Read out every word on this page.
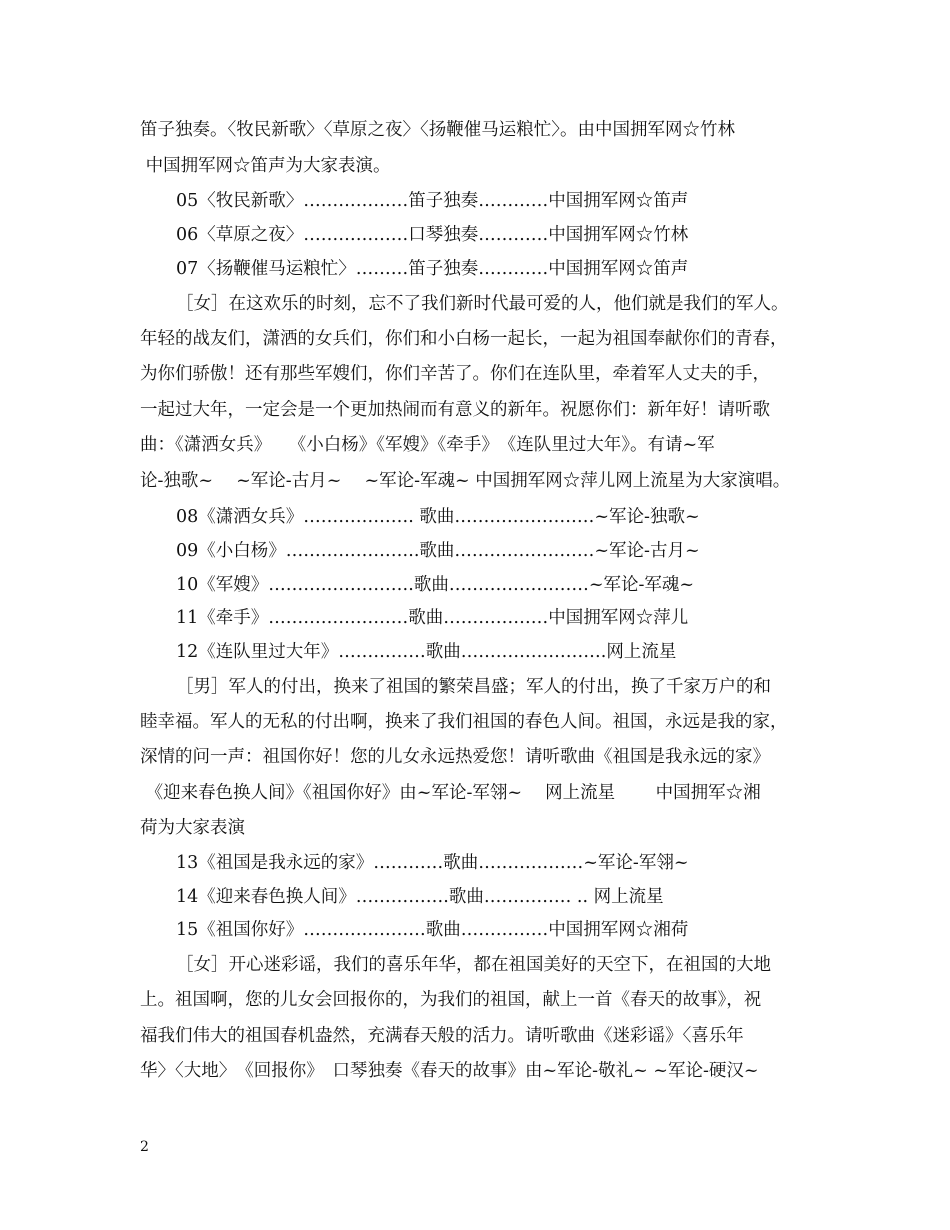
笛子独奏。〈牧民新歌〉〈草原之夜〉〈扬鞭催马运粮忙〉。由中国拥军网☆竹林
中国拥军网☆笛声为大家表演。
05〈牧民新歌〉………………笛子独奏…………中国拥军网☆笛声
06〈草原之夜〉………………口琴独奏…………中国拥军网☆竹林
07〈扬鞭催马运粮忙〉………笛子独奏…………中国拥军网☆笛声
［女］在这欢乐的时刻，忘不了我们新时代最可爱的人，他们就是我们的军人。
年轻的战友们，潇洒的女兵们，你们和小白杨一起长，一起为祖国奉献你们的青春，
为你们骄傲！还有那些军嫂们，你们辛苦了。你们在连队里，牵着军人丈夫的手，
一起过大年，一定会是一个更加热闹而有意义的新年。祝愿你们：新年好！请听歌
曲：《潇洒女兵》　　《小白杨》《军嫂》《牵手》　《连队里过大年》。有请~军
论-独歌~　 ~军论-古月~　 ~军论-军魂~ 中国拥军网☆萍儿网上流星为大家演唱。
08《潇洒女兵》………………. 歌曲……………………~军论-独歌~
09《小白杨》…………………..歌曲……………………~军论-古月~
10《军嫂》…………………….歌曲……………………~军论-军魂~
11《牵手》……………………歌曲………………中国拥军网☆萍儿
12《连队里过大年》……………歌曲…………………….网上流星
［男］军人的付出，换来了祖国的繁荣昌盛；军人的付出，换了千家万户的和
睦幸福。军人的无私的付出啊，换来了我们祖国的春色人间。祖国，永远是我的家，
深情的问一声：祖国你好！您的儿女永远热爱您！请听歌曲《祖国是我永远的家》
《迎来春色换人间》《祖国你好》由~军论-军翎~　 网上流星　　 中国拥军☆湘
荷为大家表演
13《祖国是我永远的家》…………歌曲………………~军论-军翎~
14《迎来春色换人间》…………….歌曲…………… .. 网上流星
15《祖国你好》…………………歌曲……………中国拥军网☆湘荷
［女］开心迷彩谣，我们的喜乐年华，都在祖国美好的天空下，在祖国的大地
上。祖国啊，您的儿女会回报你的，为我们的祖国，献上一首《春天的故事》，祝
福我们伟大的祖国春机盎然，充满春天般的活力。请听歌曲《迷彩谣》〈喜乐年
华〉〈大地〉　《回报你》　口琴独奏《春天的故事》由~军论-敬礼~ ~军论-硬汉~
2
